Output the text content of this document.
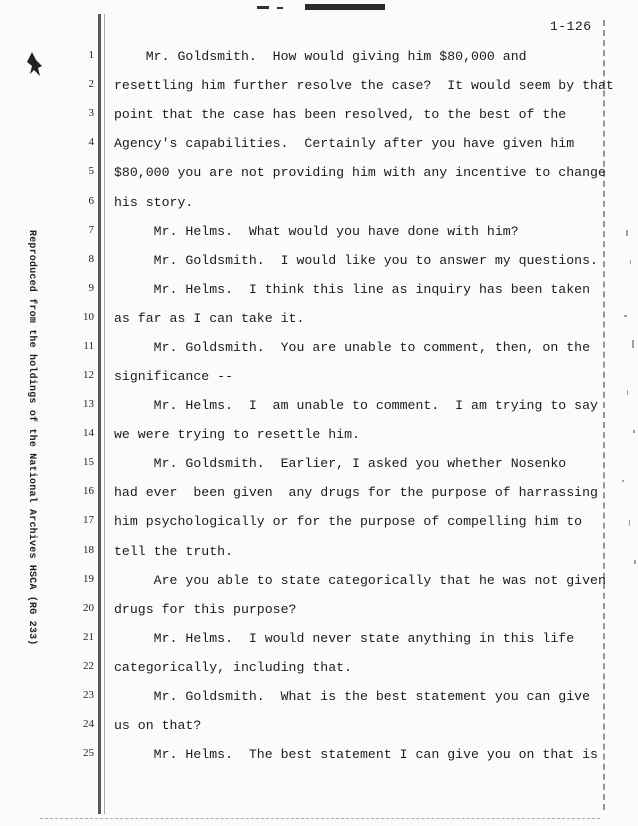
1-126
Reproduced from the holdings of the National Archives HSCA (RG 233)
1 Mr. Goldsmith.  How would giving him $80,000 and
2 resettling him further resolve the case?  It would seem by that
3 point that the case has been resolved, to the best of the
4 Agency's capabilities.  Certainly after you have given him
5 $80,000 you are not providing him with any incentive to change
6 his story.
7 Mr. Helms.  What would you have done with him?
8 Mr. Goldsmith.  I would like you to answer my questions.
9 Mr. Helms.  I think this line as inquiry has been taken
10 as far as I can take it.
11 Mr. Goldsmith.  You are unable to comment, then, on the
12 significance --
13 Mr. Helms.  I  am unable to comment.  I am trying to say
14 we were trying to resettle him.
15 Mr. Goldsmith.  Earlier, I asked you whether Nosenko
16 had ever  been given  any drugs for the purpose of harrassing
17 him psychologically or for the purpose of compelling him to
18 tell the truth.
19 Are you able to state categorically that he was not given
20 drugs for this purpose?
21 Mr. Helms.  I would never state anything in this life
22 categorically, including that.
23 Mr. Goldsmith.  What is the best statement you can give
24 us on that?
25 Mr. Helms.  The best statement I can give you on that is
